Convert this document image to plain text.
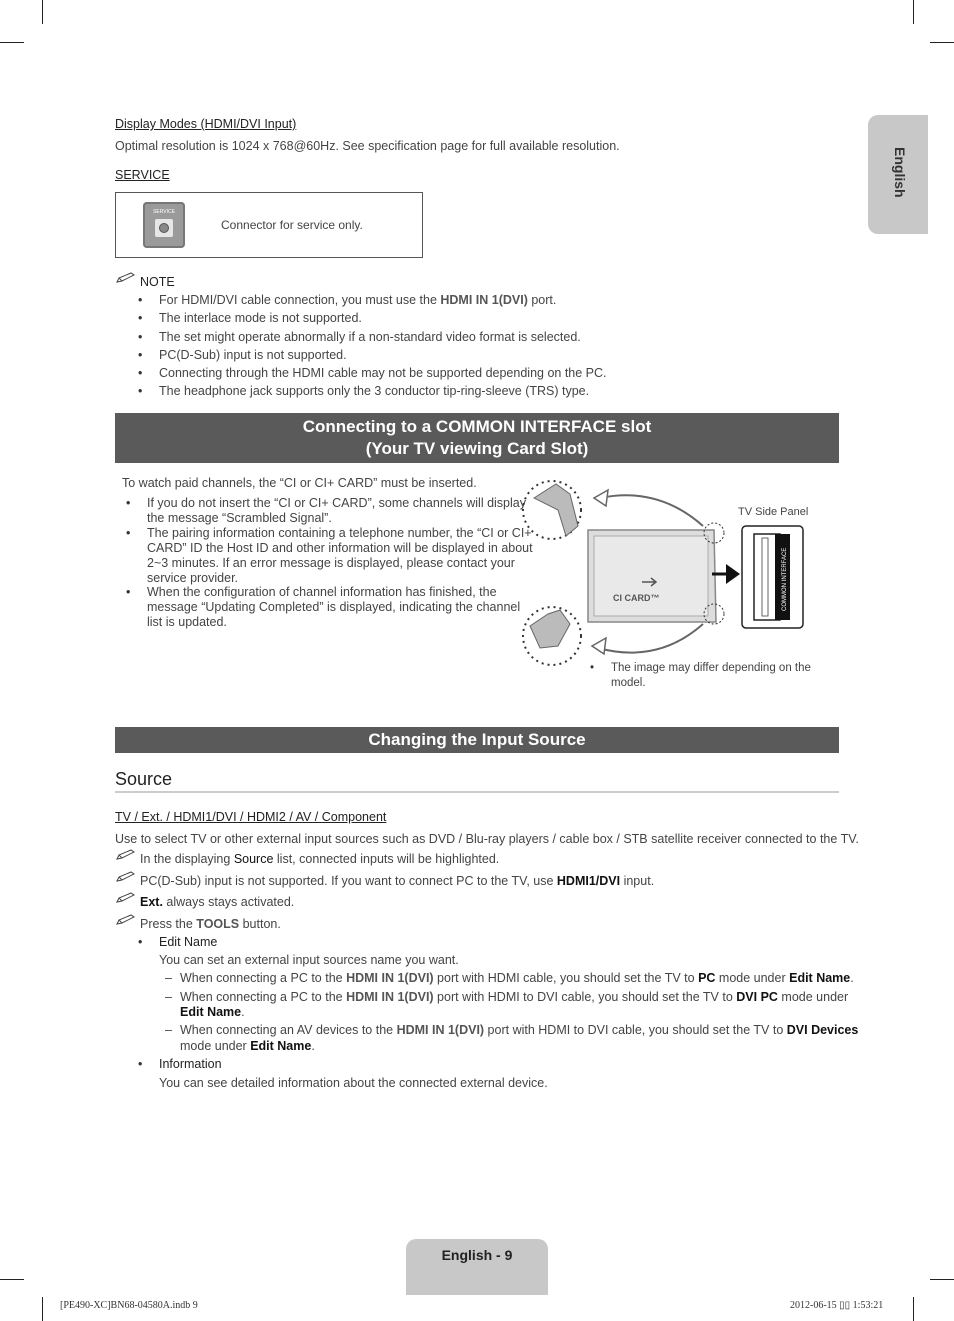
English
Display Modes (HDMI/DVI Input)
Optimal resolution is 1024 x 768@60Hz. See specification page for full available resolution.
SERVICE
SERVICE
Connector for service only.
NOTE
• For HDMI/DVI cable connection, you must use the HDMI IN 1(DVI) port.
• The interlace mode is not supported.
• The set might operate abnormally if a non-standard video format is selected.
• PC(D-Sub) input is not supported.
• Connecting through the HDMI cable may not be supported depending on the PC.
• The headphone jack supports only the 3 conductor tip-ring-sleeve (TRS) type.
Connecting to a COMMON INTERFACE slot
(Your TV viewing Card Slot)
To watch paid channels, the “CI or CI+ CARD” must be inserted.
• If you do not insert the “CI or CI+ CARD”, some channels will display
the message “Scrambled Signal”.
• The pairing information containing a telephone number, the “CI or CI+
CARD” ID the Host ID and other information will be displayed in about
2~3 minutes. If an error message is displayed, please contact your
service provider.
• When the configuration of channel information has finished, the
message “Updating Completed” is displayed, indicating the channel
list is updated.
CI CARD™
TV Side Panel
COMMON INTERFACE
• The image may differ depending on the
model.
Changing the Input Source
Source
TV / Ext. / HDMI1/DVI / HDMI2 / AV / Component
Use to select TV or other external input sources such as DVD / Blu-ray players / cable box / STB satellite receiver connected to the TV.
In the displaying Source list, connected inputs will be highlighted.
PC(D-Sub) input is not supported. If you want to connect PC to the TV, use HDMI1/DVI input.
Ext. always stays activated.
Press the TOOLS button.
• Edit Name
You can set an external input sources name you want.
– When connecting a PC to the HDMI IN 1(DVI) port with HDMI cable, you should set the TV to PC mode under Edit Name.
– When connecting a PC to the HDMI IN 1(DVI) port with HDMI to DVI cable, you should set the TV to DVI PC mode under
Edit Name.
– When connecting an AV devices to the HDMI IN 1(DVI) port with HDMI to DVI cable, you should set the TV to DVI Devices
mode under Edit Name.
• Information
You can see detailed information about the connected external device.
English - 9
[PE490-XC]BN68-04580A.indb 9	2012-06-15 ▯▯ 1:53:21
